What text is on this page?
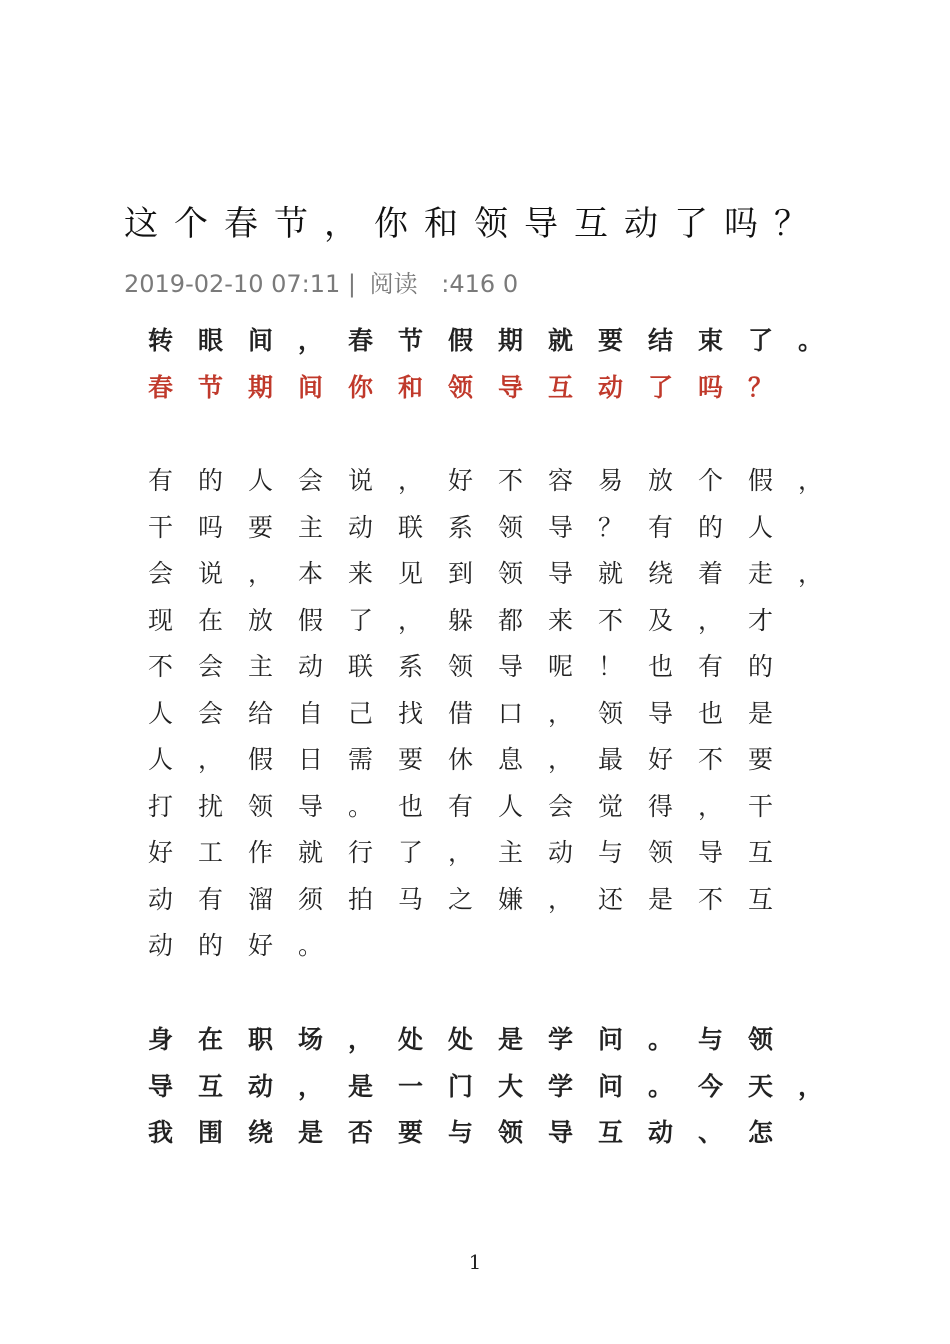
这个春节，你和领导互动了吗？
2019-02-10 07:11 | 阅读 :416 0
转眼间，春节假期就要结束了。
春节期间你和领导互动了吗？
有的人会说，好不容易放个假，
干吗要主动联系领导？有的人
会说，本来见到领导就绕着走，
现在放假了，躲都来不及，才
不会主动联系领导呢！也有的
人会给自己找借口，领导也是
人，假日需要休息，最好不要
打扰领导。也有人会觉得，干
好工作就行了，主动与领导互
动有溜须拍马之嫌，还是不互
动的好。
身在职场，处处是学问。与领
导互动，是一门大学问。今天，
我围绕是否要与领导互动、怎
1
